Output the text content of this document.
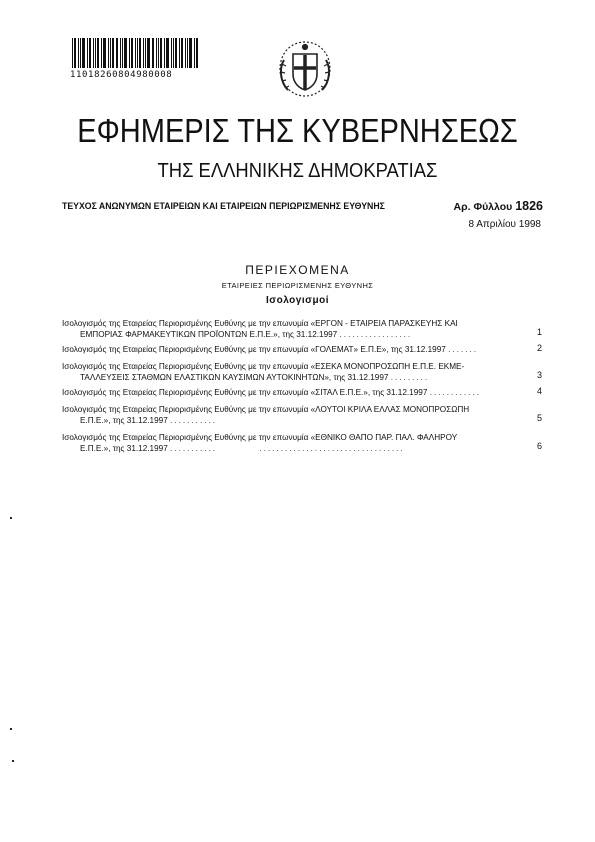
11018260804980008
ΕΦΗΜΕΡΙΣ ΤΗΣ ΚΥΒΕΡΝΗΣΕΩΣ
ΤΗΣ ΕΛΛΗΝΙΚΗΣ ΔΗΜΟΚΡΑΤΙΑΣ
ΤΕΥΧΟΣ ΑΝΩΝΥΜΩΝ ΕΤΑΙΡΕΙΩΝ ΚΑΙ ΕΤΑΙΡΕΙΩΝ ΠΕΡΙΩΡΙΣΜΕΝΗΣ ΕΥΘΥΝΗΣ	Αρ. Φύλλου 1826
8 Απριλίου 1998
ΠΕΡΙΕΧΟΜΕΝΑ
ΕΤΑΙΡΕΙΕΣ ΠΕΡΙΩΡΙΣΜΕΝΗΣ ΕΥΘΥΝΗΣ
Ισολογισμοί
Ισολογισμός της Εταιρείας Περιορισμένης Ευθύνης με την επωνυμία «ΕΡΓΟΝ - ΕΤΑΙΡΕΙΑ ΠΑΡΑΣΚΕΥΗΣ ΚΑΙ
ΕΜΠΟΡΙΑΣ ΦΑΡΜΑΚΕΥΤΙΚΩΝ ΠΡΟΪΟΝΤΩΝ Ε.Π.Ε.», της 31.12.1997 .................	1
Ισολογισμός της Εταιρείας Περιορισμένης Ευθύνης με την επωνυμία «ΓΟΛΕΜΑΤ» Ε.Π.Ε», της 31.12.1997 .......	2
Ισολογισμός της Εταιρείας Περιορισμένης Ευθύνης με την επωνυμία «ΕΣΕΚΑ ΜΟΝΟΠΡΟΣΩΠΗ Ε.Π.Ε. ΕΚΜΕ-
ΤΑΛΛΕΥΣΕΙΣ ΣΤΑΘΜΩΝ ΕΛΑΣΤΙΚΩΝ ΚΑΥΣΙΜΩΝ ΑΥΤΟΚΙΝΗΤΩΝ», της 31.12.1997 .........	3
Ισολογισμός της Εταιρείας Περιορισμένης Ευθύνης με την επωνυμία «ΣΙΤΑΛ Ε.Π.Ε.», της 31.12.1997 ............	4
Ισολογισμός της Εταιρείας Περιορισμένης Ευθύνης με την επωνυμία «ΛΟΥΤΟΙ ΚΡΙΛΑ ΕΛΛΑΣ ΜΟΝΟΠΡΟΣΩΠΗ
Ε.Π.Ε.», της 31.12.1997 ...........	5
Ισολογισμός της Εταιρείας Περιορισμένης Ευθύνης με την επωνυμία «ΕΘΝΙΚΟ ΘΑΠΟ ΠΑΡ. ΠΑΛ. ΦΑΛΗΡΟΥ
Ε.Π.Ε.», της 31.12.1997 ...........	..................................	6
